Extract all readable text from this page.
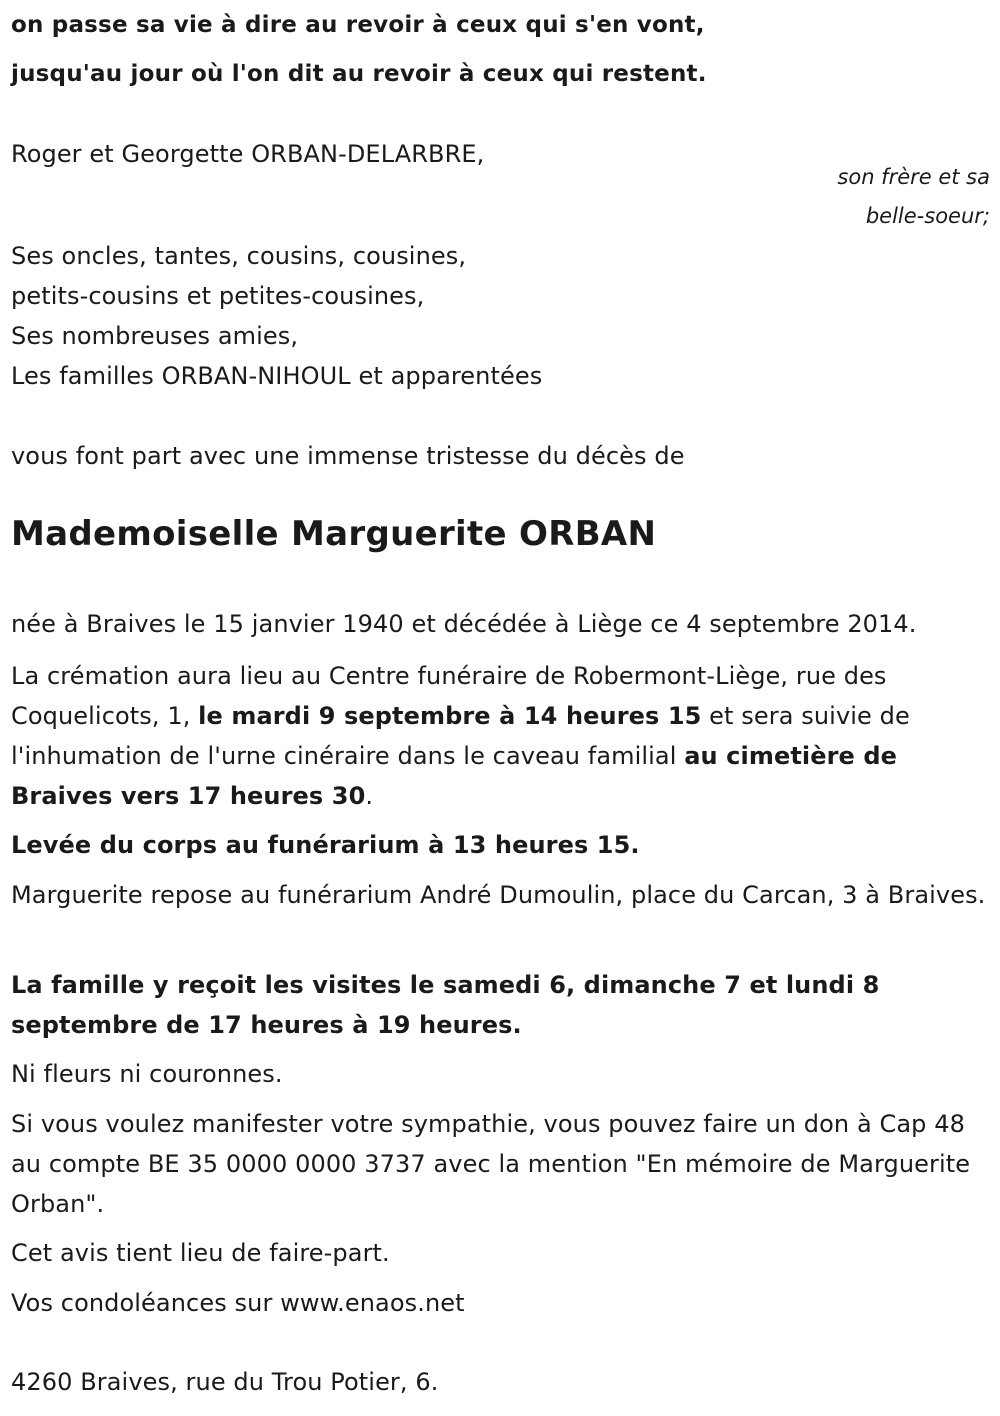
on passe sa vie à dire au revoir à ceux qui s'en vont,
jusqu'au jour où l'on dit au revoir à ceux qui restent.
Roger et Georgette ORBAN-DELARBRE,
son frère et sa
belle-soeur;
Ses oncles, tantes, cousins, cousines,
petits-cousins et petites-cousines,
Ses nombreuses amies,
Les familles ORBAN-NIHOUL et apparentées
vous font part avec une immense tristesse du décès de
Mademoiselle Marguerite ORBAN
née à Braives le 15 janvier 1940 et décédée à Liège ce 4 septembre 2014.
La crémation aura lieu au Centre funéraire de Robermont-Liège, rue des Coquelicots, 1, le mardi 9 septembre à 14 heures 15 et sera suivie de l'inhumation de l'urne cinéraire dans le caveau familial au cimetière de Braives vers 17 heures 30.
Levée du corps au funérarium à 13 heures 15.
Marguerite repose au funérarium André Dumoulin, place du Carcan, 3 à Braives.
La famille y reçoit les visites le samedi 6, dimanche 7 et lundi 8 septembre de 17 heures à 19 heures.
Ni fleurs ni couronnes.
Si vous voulez manifester votre sympathie, vous pouvez faire un don à Cap 48 au compte BE 35 0000 0000 3737 avec la mention "En mémoire de Marguerite Orban".
Cet avis tient lieu de faire-part.
Vos condoléances sur www.enaos.net
4260 Braives, rue du Trou Potier, 6.
